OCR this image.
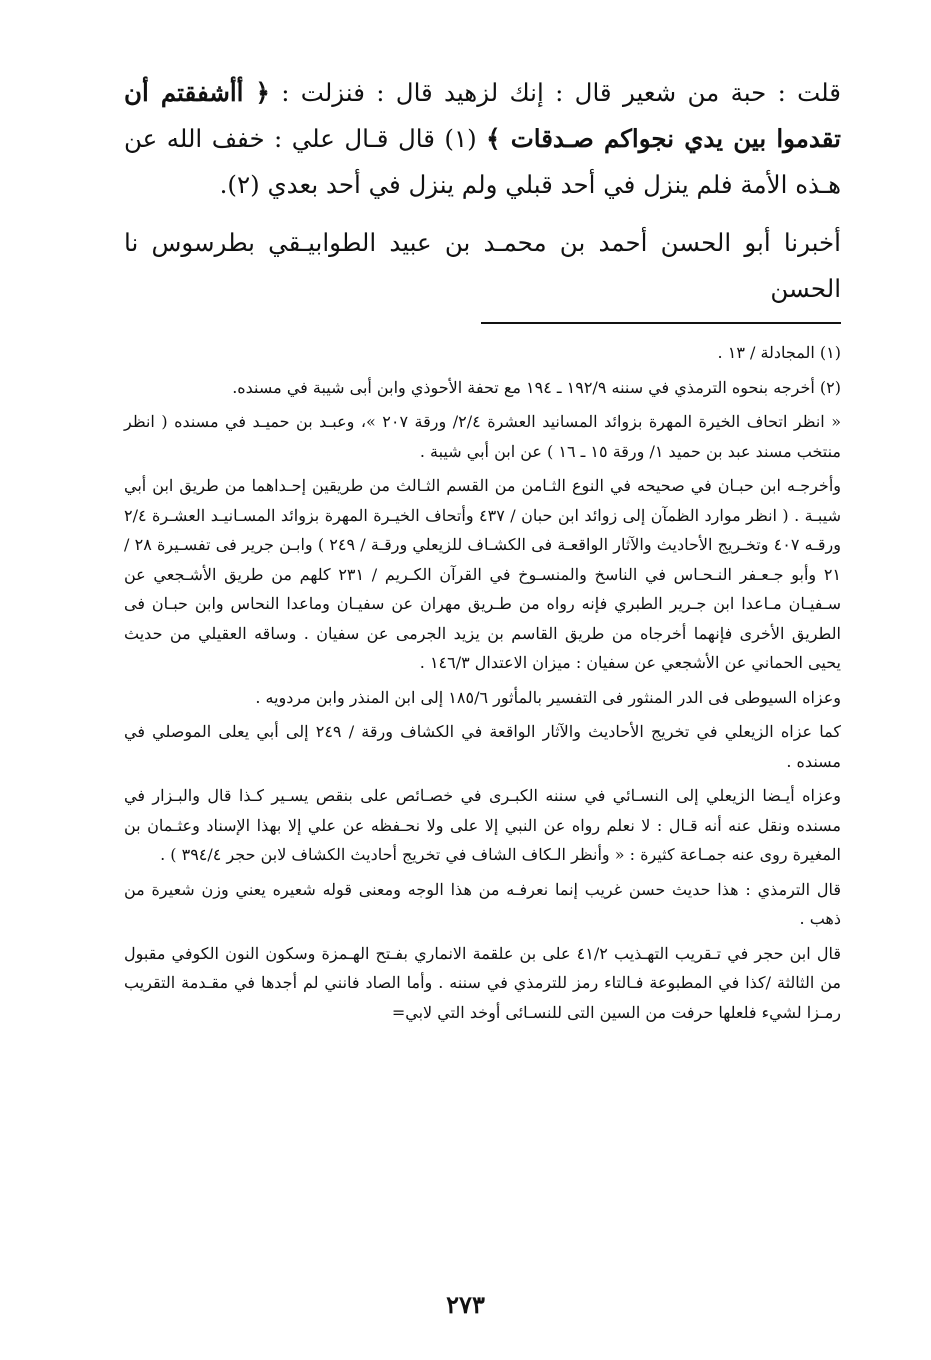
قلت : حبة من شعير قال : إنك لزهيد قال : فنزلت : ﴿ أأشفقتم أن تقدموا بين يدي نجواكم صـدقات ﴾ (١) قال قـال علي : خفف الله عن هـذه الأمة فلم ينزل في أحد قبلي ولم ينزل في أحد بعدي (٢).

أخبرنا أبو الحسن أحمد بن محمـد بن عبيد الطوابيـقي بطرسوس نا الحسن

(١) المجادلة / ١٣ .

(٢) أخرجه بنحوه الترمذي في سننه ١٩٢/٩ ـ ١٩٤ مع تحفة الأحوذي وابن أبى شيبة في مسنده.

« انظر اتحاف الخيرة المهرة بزوائد المسانيد العشرة ٢/٤/ ورقة ٢٠٧ »، وعبـد بن حميـد في مسنده ( انظر منتخب مسند عبد بن حميد ١/ ورقة ١٥ ـ ١٦ ) عن ابن أبي شيبة .

وأخرجـه ابن حبـان في صحيحه في النوع الثـامن من القسم الثـالث من طريقين إحـداهما من طريق ابن أبي شيبـة . ( انظر موارد الظمآن إلى زوائد ابن حبان / ٤٣٧ وأتحاف الخيـرة المهرة بزوائد المسـانيـد العشـرة ٢/٤ ورقـه ٤٠٧ وتخـريج الأحاديث والآثار الواقعـة فى الكشـاف للزيعلي ورقـة / ٢٤٩ ) وابـن جرير فى تفسـيرة ٢٨ /٢١ وأبو جـعـفر النـحـاس في الناسخ والمنسـوخ في القرآن الكـريم / ٢٣١ كلهم من طريق الأشـجعي عن سـفيـان مـاعدا ابن جـرير الطبري فإنه رواه من طـريق مهران عن سفيـان وماعدا النحاس وابن حبـان فى الطريق الأخرى فإنهما أخرجاه من طريق القاسم بن يزيد الجرمى عن سفيان . وساقه العقيلي من حديث يحيى الحماني عن الأشجعي عن سفيان : ميزان الاعتدال ١٤٦/٣ .

وعزاه السيوطى فى الدر المنثور فى التفسير بالمأثور ١٨٥/٦ إلى ابن المنذر وابن مردويه .

كما عزاه الزيعلي في تخريج الأحاديث والآثار الواقعة في الكشاف ورقة / ٢٤٩ إلى أبي يعلى الموصلي في مسنده .

وعزاه أيـضا الزيعلي إلى النسـائي في سننه الكبـرى في خصـائص على بنقص يسـير كـذا قال والبـزار في مسنده ونقل عنه أنه قـال : لا نعلم رواه عن النبي إلا على ولا نحـفظه عن علي إلا بهذا الإسناد وعثـمان بن المغيرة روى عنه جمـاعة كثيرة : « وأنظر الـكاف الشاف في تخريج أحاديث الكشاف لابن حجر ٣٩٤/٤ ) .

قال الترمذي : هذا حديث حسن غريب إنما نعرفـه من هذا الوجه ومعنى قوله شعيره يعني وزن شعيرة من ذهب .

قال ابن حجر في تـقريب التهـذيب ٤١/٢ على بن علقمة الانماري بفـتح الهـمزة وسكون النون الكوفي مقبول من الثالثة /كذا في المطبوعة فـالتاء رمز للترمذي في سننه . وأما الصاد فانني لم أجدها في مقـدمة التقريب رمـزا لشيء فلعلها حرفت من السين التى للنسـائى أوخد التي لابي=

٢٧٣
